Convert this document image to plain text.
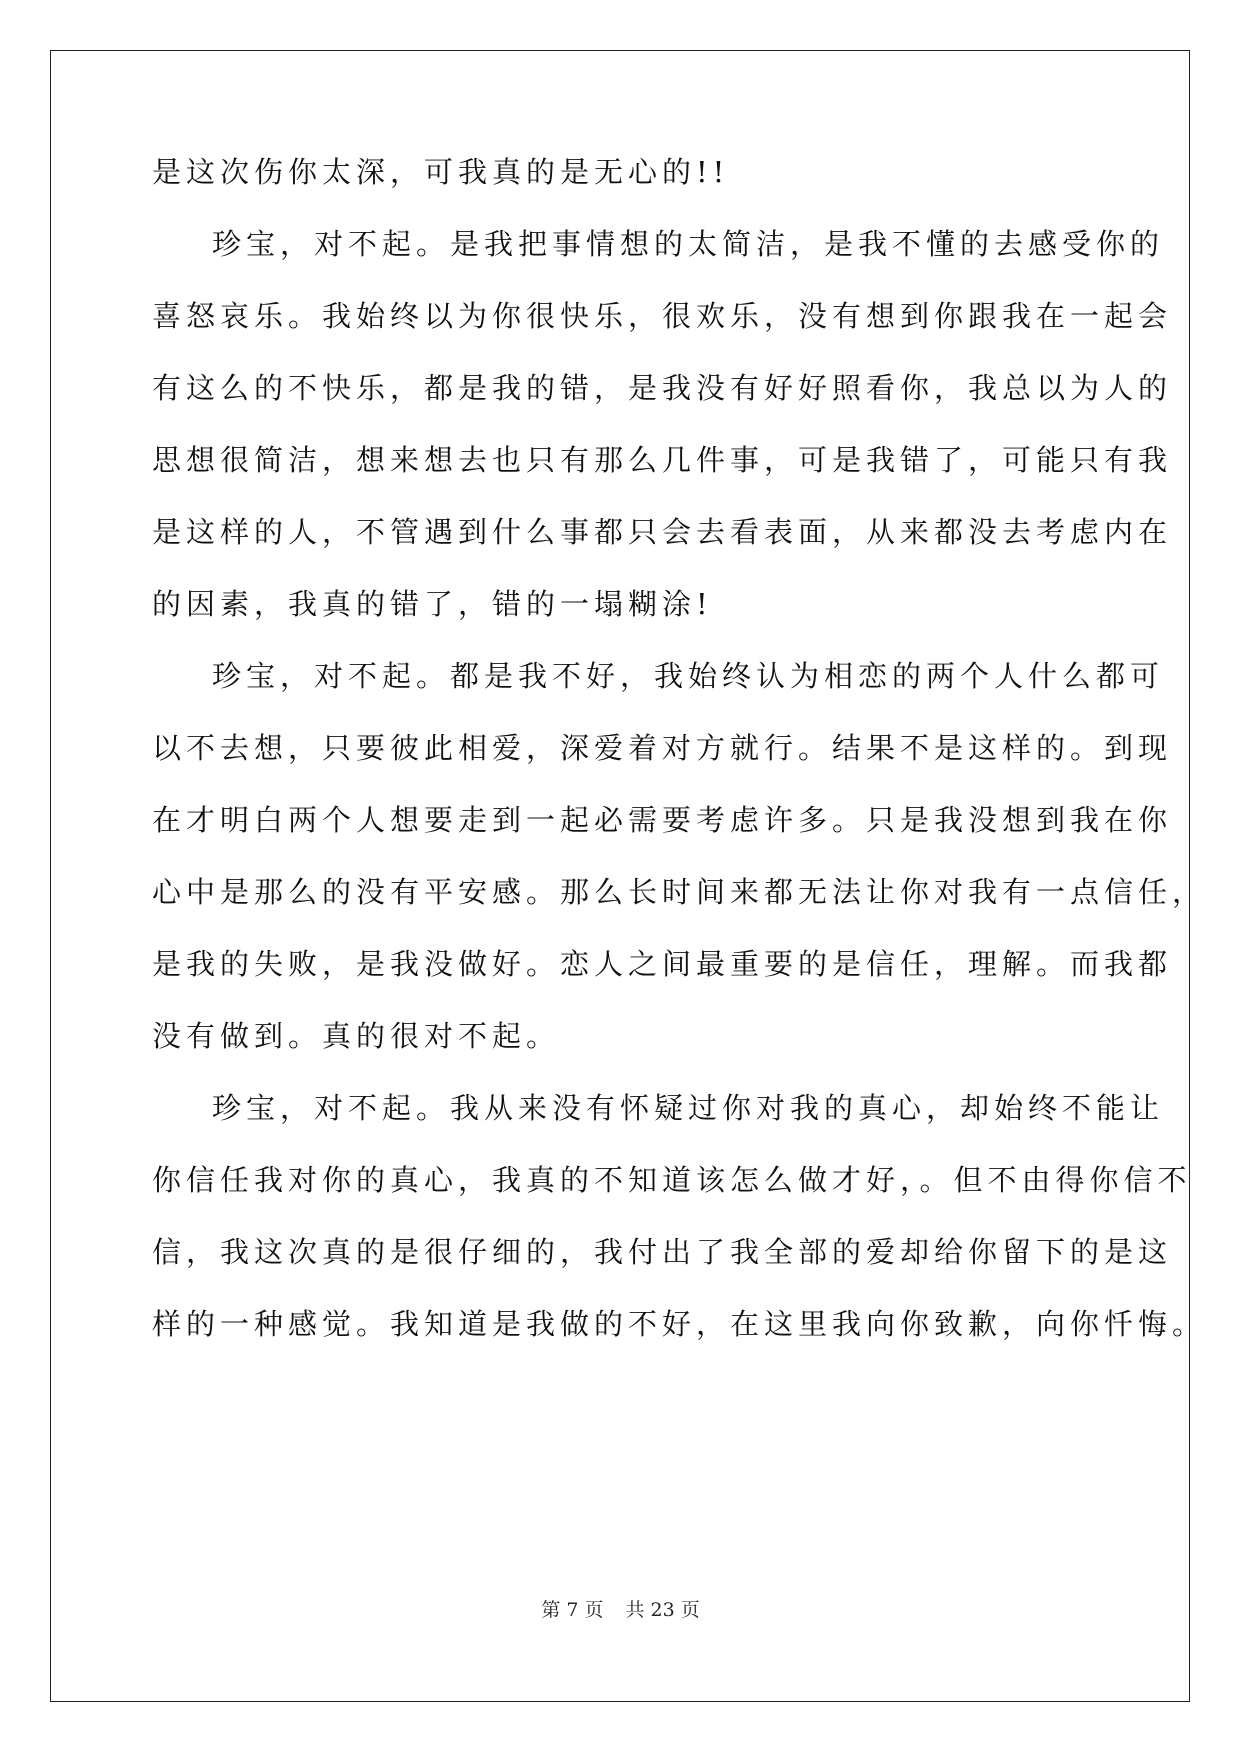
是这次伤你太深，可我真的是无心的!!
珍宝，对不起。是我把事情想的太简洁，是我不懂的去感受你的
喜怒哀乐。我始终以为你很快乐，很欢乐，没有想到你跟我在一起会
有这么的不快乐，都是我的错，是我没有好好照看你，我总以为人的
思想很简洁，想来想去也只有那么几件事，可是我错了，可能只有我
是这样的人，不管遇到什么事都只会去看表面，从来都没去考虑内在
的因素，我真的错了，错的一塌糊涂!
珍宝，对不起。都是我不好，我始终认为相恋的两个人什么都可
以不去想，只要彼此相爱，深爱着对方就行。结果不是这样的。到现
在才明白两个人想要走到一起必需要考虑许多。只是我没想到我在你
心中是那么的没有平安感。那么长时间来都无法让你对我有一点信任，
是我的失败，是我没做好。恋人之间最重要的是信任，理解。而我都
没有做到。真的很对不起。
珍宝，对不起。我从来没有怀疑过你对我的真心，却始终不能让
你信任我对你的真心，我真的不知道该怎么做才好，。但不由得你信不
信，我这次真的是很仔细的，我付出了我全部的爱却给你留下的是这
样的一种感觉。我知道是我做的不好，在这里我向你致歉，向你忏悔。
第 7 页 共 23 页
